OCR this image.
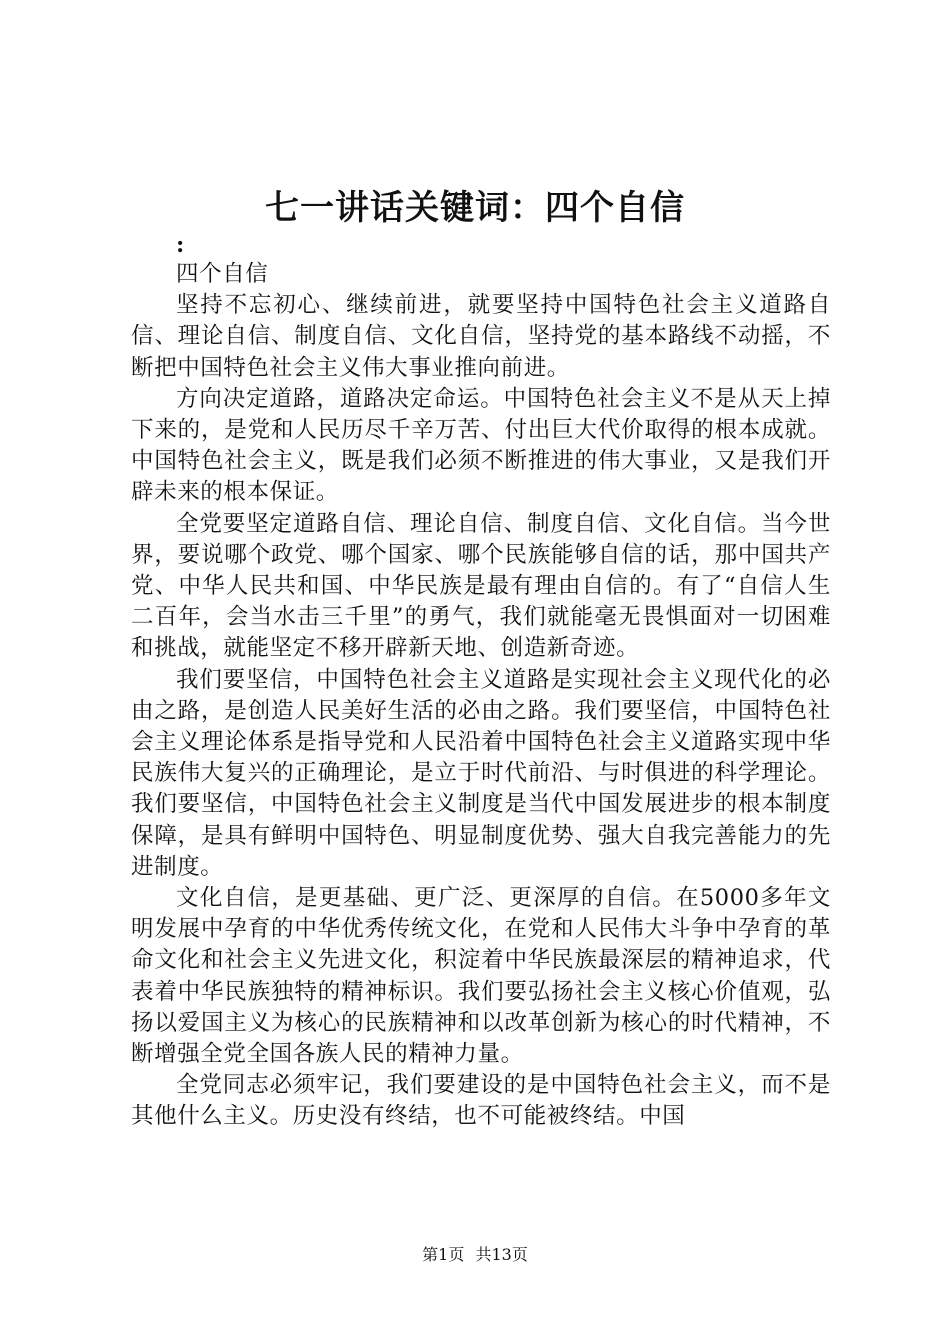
七一讲话关键词：四个自信

:

四个自信

坚持不忘初心、继续前进，就要坚持中国特色社会主义道路自信、理论自信、制度自信、文化自信，坚持党的基本路线不动摇，不断把中国特色社会主义伟大事业推向前进。

方向决定道路，道路决定命运。中国特色社会主义不是从天上掉下来的，是党和人民历尽千辛万苦、付出巨大代价取得的根本成就。中国特色社会主义，既是我们必须不断推进的伟大事业，又是我们开辟未来的根本保证。

全党要坚定道路自信、理论自信、制度自信、文化自信。当今世界，要说哪个政党、哪个国家、哪个民族能够自信的话，那中国共产党、中华人民共和国、中华民族是最有理由自信的。有了“自信人生二百年，会当水击三千里”的勇气，我们就能毫无畏惧面对一切困难和挑战，就能坚定不移开辟新天地、创造新奇迹。

我们要坚信，中国特色社会主义道路是实现社会主义现代化的必由之路，是创造人民美好生活的必由之路。我们要坚信，中国特色社会主义理论体系是指导党和人民沿着中国特色社会主义道路实现中华民族伟大复兴的正确理论，是立于时代前沿、与时俱进的科学理论。我们要坚信，中国特色社会主义制度是当代中国发展进步的根本制度保障，是具有鲜明中国特色、明显制度优势、强大自我完善能力的先进制度。

文化自信，是更基础、更广泛、更深厚的自信。在5000多年文明发展中孕育的中华优秀传统文化，在党和人民伟大斗争中孕育的革命文化和社会主义先进文化，积淀着中华民族最深层的精神追求，代表着中华民族独特的精神标识。我们要弘扬社会主义核心价值观，弘扬以爱国主义为核心的民族精神和以改革创新为核心的时代精神，不断增强全党全国各族人民的精神力量。

全党同志必须牢记，我们要建设的是中国特色社会主义，而不是其他什么主义。历史没有终结，也不可能被终结。中国

第1页 共13页
